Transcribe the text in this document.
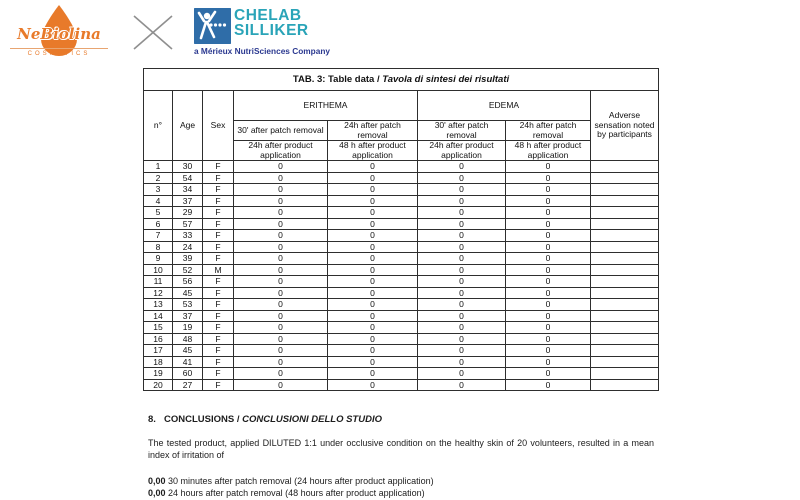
NeBiolina
COSMETICS
CHELAB
SILLIKER
a Mérieux NutriSciences Company
TAB. 3: Table data / Tavola di sintesi dei risultati							
n°	Age	Sex	ERITHEMA		EDEMA		Adverse sensation noted by participants
			30' after patch removal	24h after patch removal	30' after patch removal	24h after patch removal	
			24h after product application	48 h after product application	24h after product application	48 h after product application	
1	30	F	0	0	0	0	
2	54	F	0	0	0	0	
3	34	F	0	0	0	0	
4	37	F	0	0	0	0	
5	29	F	0	0	0	0	
6	57	F	0	0	0	0	
7	33	F	0	0	0	0	
8	24	F	0	0	0	0	
9	39	F	0	0	0	0	
10	52	M	0	0	0	0	
11	56	F	0	0	0	0	
12	45	F	0	0	0	0	
13	53	F	0	0	0	0	
14	37	F	0	0	0	0	
15	19	F	0	0	0	0	
16	48	F	0	0	0	0	
17	45	F	0	0	0	0	
18	41	F	0	0	0	0	
19	60	F	0	0	0	0	
20	27	F	0	0	0	0	
8. CONCLUSIONS / CONCLUSIONI DELLO STUDIO

The tested product, applied DILUTED 1:1 under occlusive condition on the healthy skin of 20 volunteers, resulted in a mean index of irritation of

0,00 30 minutes after patch removal (24 hours after product application)

0,00 24 hours after patch removal (48 hours after product application)
